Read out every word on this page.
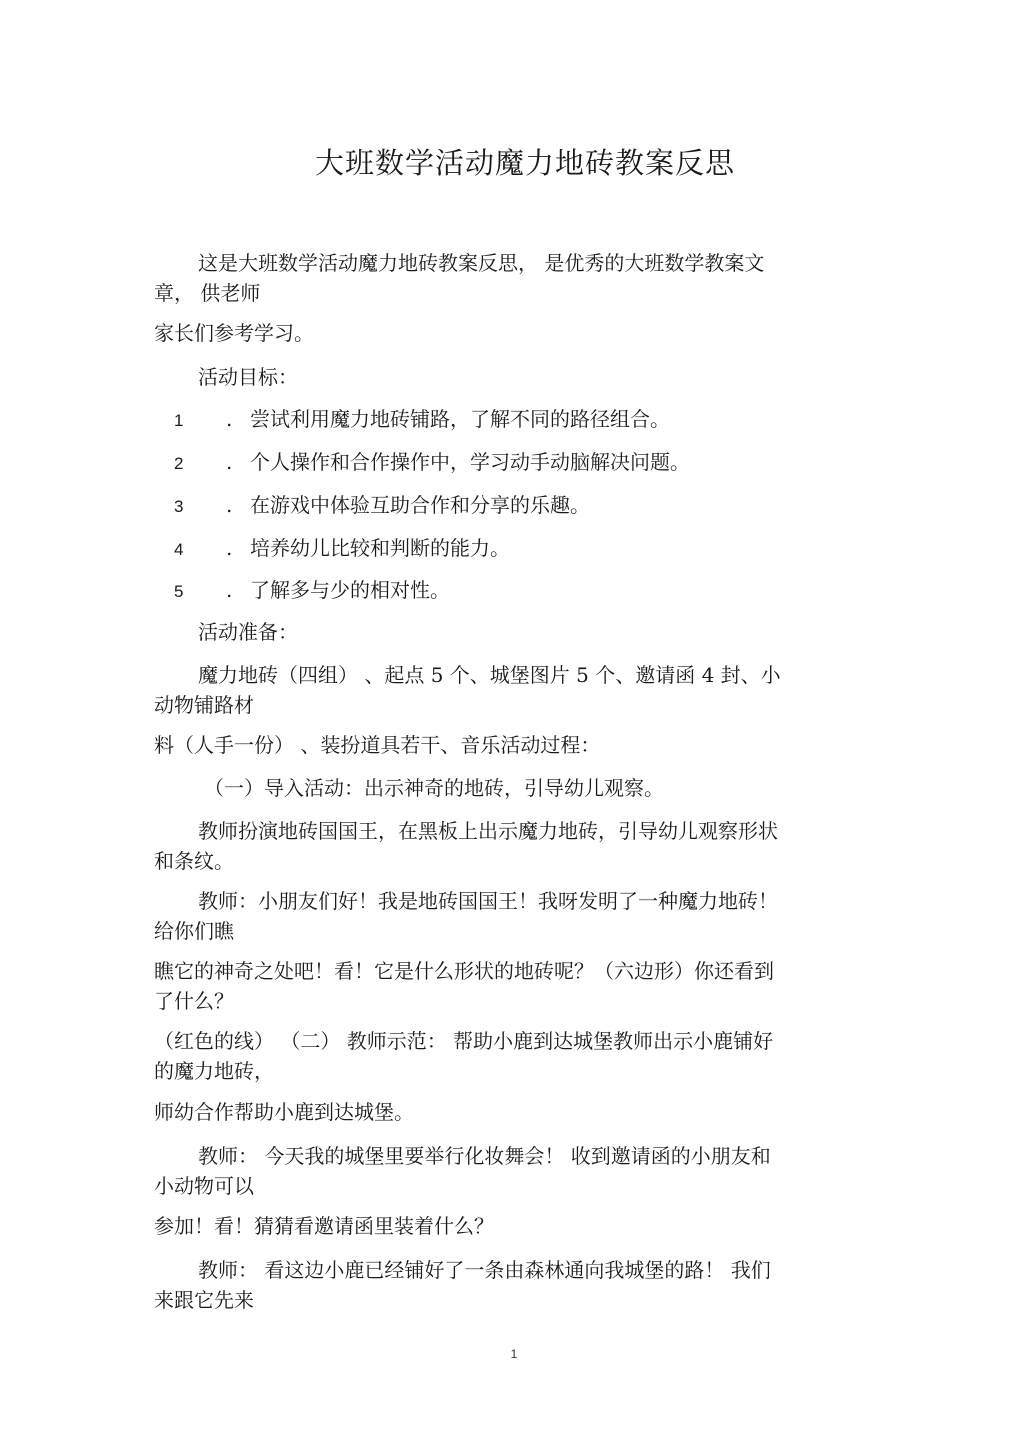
大班数学活动魔力地砖教案反思
这是大班数学活动魔力地砖教案反思， 是优秀的大班数学教案文
章， 供老师
家长们参考学习。
活动目标：
1 . 尝试利用魔力地砖铺路，了解不同的路径组合。
2 . 个人操作和合作操作中，学习动手动脑解决问题。
3 . 在游戏中体验互助合作和分享的乐趣。
4 . 培养幼儿比较和判断的能力。
5 . 了解多与少的相对性。
活动准备：
魔力地砖（四组） 、起点 5 个、城堡图片 5 个、邀请函 4 封、小
动物铺路材
料（人手一份） 、装扮道具若干、音乐活动过程：
（一）导入活动：出示神奇的地砖，引导幼儿观察。
教师扮演地砖国国王，在黑板上出示魔力地砖，引导幼儿观察形状
和条纹。
教师：小朋友们好！我是地砖国国王！我呀发明了一种魔力地砖！
给你们瞧
瞧它的神奇之处吧！看！它是什么形状的地砖呢？（六边形）你还看到
了什么？
（红色的线） （二） 教师示范： 帮助小鹿到达城堡教师出示小鹿铺好
的魔力地砖，
师幼合作帮助小鹿到达城堡。
教师： 今天我的城堡里要举行化妆舞会！ 收到邀请函的小朋友和
小动物可以
参加！看！猜猜看邀请函里装着什么？
教师： 看这边小鹿已经铺好了一条由森林通向我城堡的路！ 我们
来跟它先来
1
